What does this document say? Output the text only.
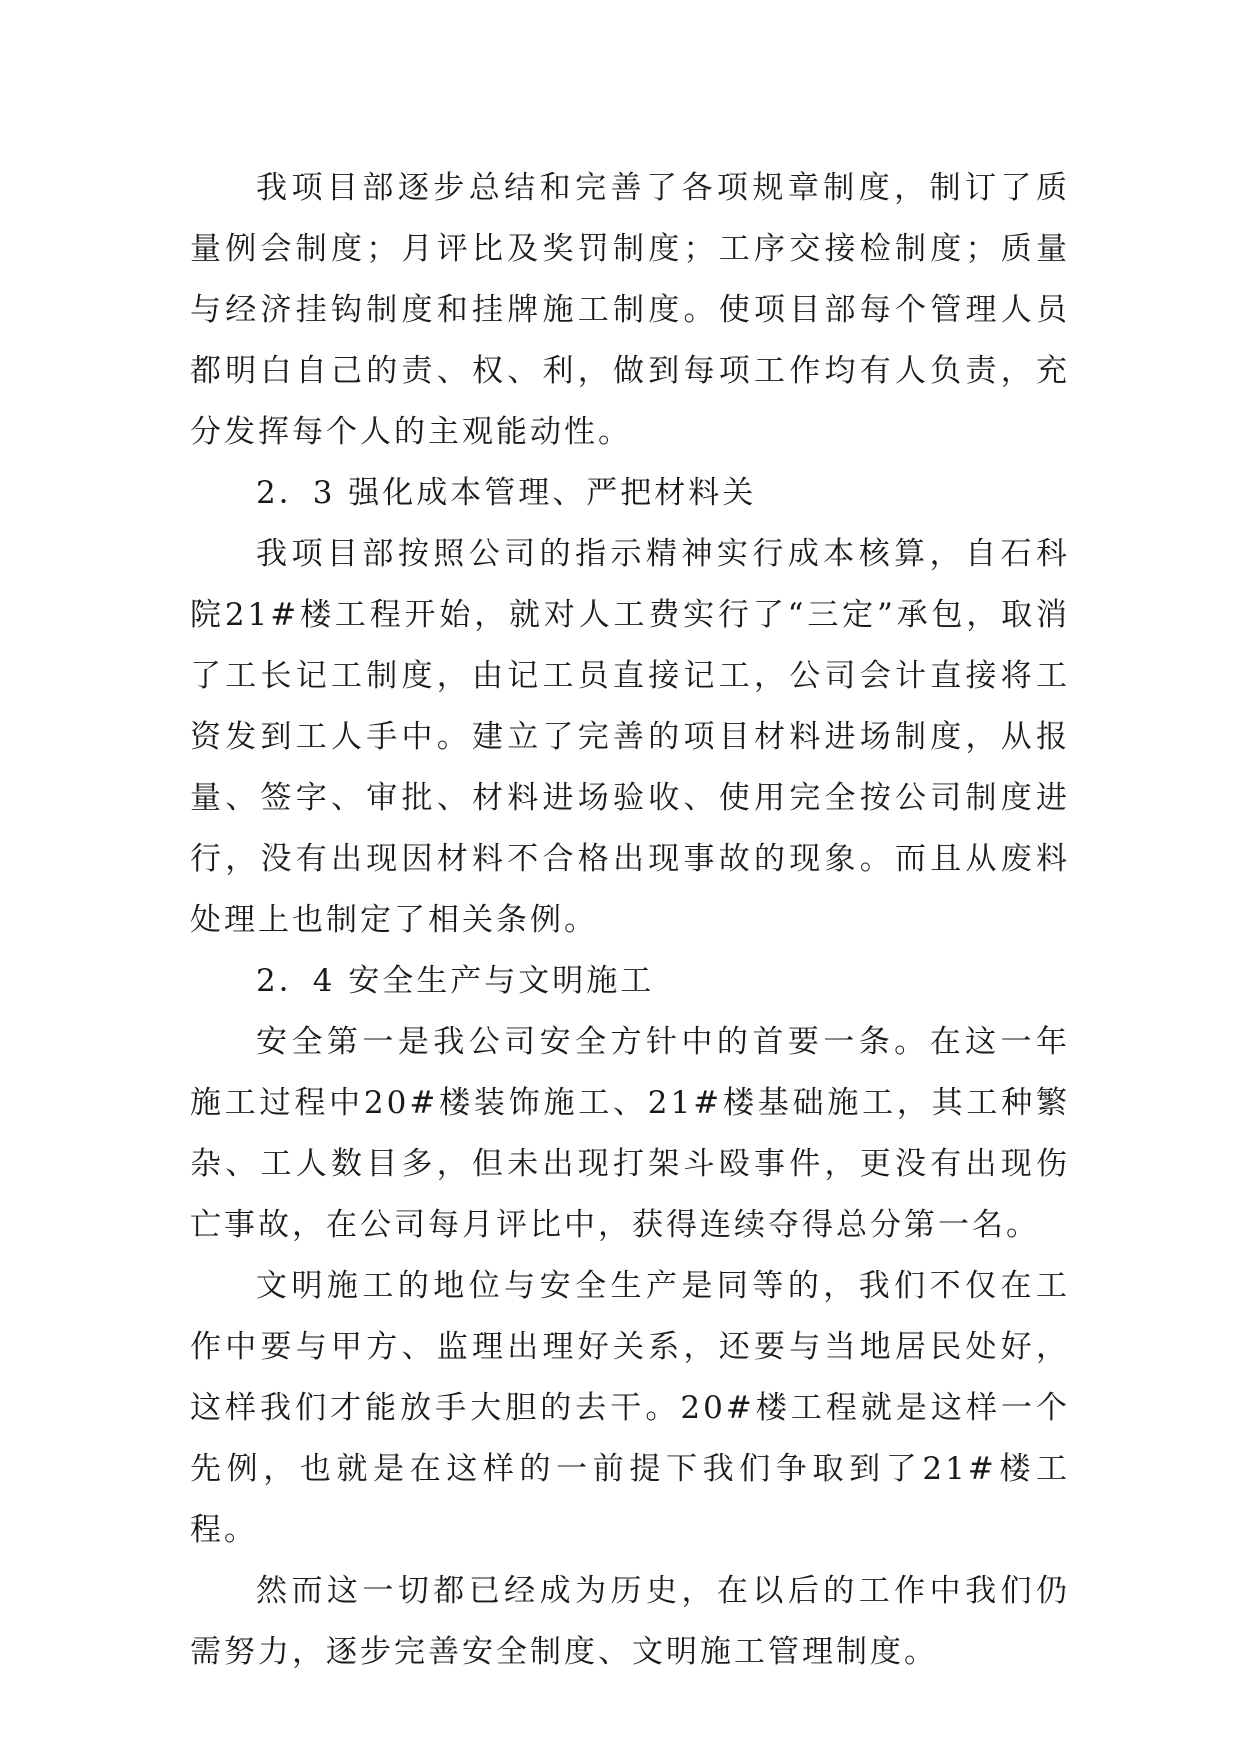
我项目部逐步总结和完善了各项规章制度，制订了质量例会制度；月评比及奖罚制度；工序交接检制度；质量与经济挂钩制度和挂牌施工制度。使项目部每个管理人员都明白自己的责、权、利，做到每项工作均有人负责，充分发挥每个人的主观能动性。

2．3 强化成本管理、严把材料关

我项目部按照公司的指示精神实行成本核算，自石科院21#楼工程开始，就对人工费实行了“三定”承包，取消了工长记工制度，由记工员直接记工，公司会计直接将工资发到工人手中。建立了完善的项目材料进场制度，从报量、签字、审批、材料进场验收、使用完全按公司制度进行，没有出现因材料不合格出现事故的现象。而且从废料处理上也制定了相关条例。

2．4 安全生产与文明施工

安全第一是我公司安全方针中的首要一条。在这一年施工过程中20#楼装饰施工、21#楼基础施工，其工种繁杂、工人数目多，但未出现打架斗殴事件，更没有出现伤亡事故，在公司每月评比中，获得连续夺得总分第一名。

文明施工的地位与安全生产是同等的，我们不仅在工作中要与甲方、监理出理好关系，还要与当地居民处好，这样我们才能放手大胆的去干。20#楼工程就是这样一个先例，也就是在这样的一前提下我们争取到了21#楼工程。

然而这一切都已经成为历史，在以后的工作中我们仍需努力，逐步完善安全制度、文明施工管理制度。
